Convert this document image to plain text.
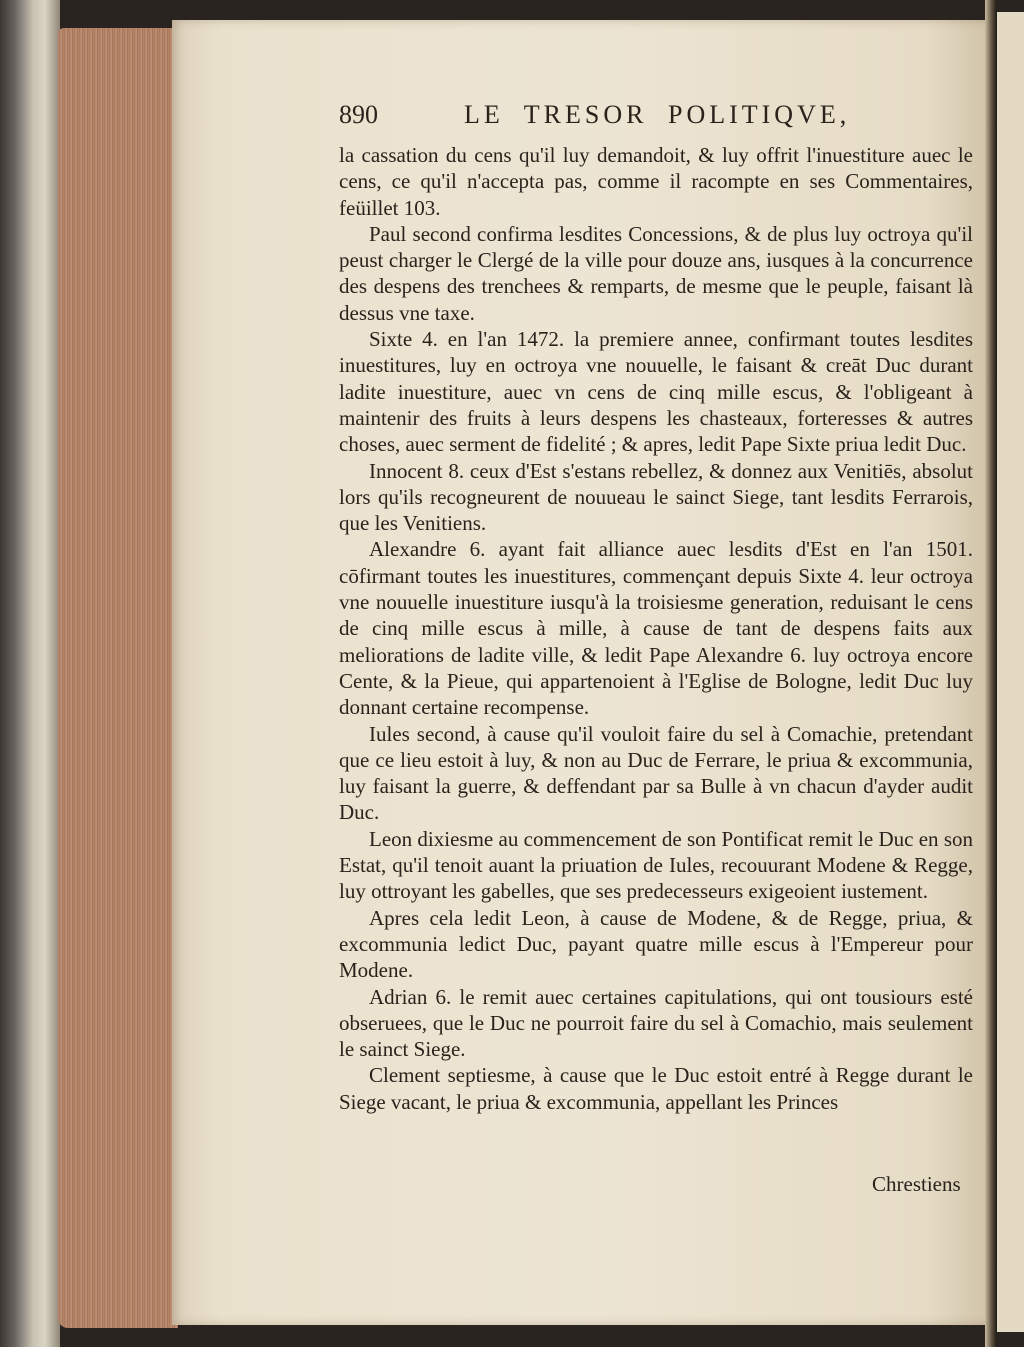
890	LE TRESOR POLITIQVE,

la cassation du cens qu'il luy demandoit, & luy offrit l'inuestiture auec le cens, ce qu'il n'accepta pas, comme il racompte en ses Commentaires, feüillet 103.

Paul second confirma lesdites Concessions, & de plus luy octroya qu'il peust charger le Clergé de la ville pour douze ans, iusques à la concurrence des despens des trenchees & remparts, de mesme que le peuple, faisant là dessus vne taxe.

Sixte 4. en l'an 1472. la premiere annee, confirmant toutes lesdites inuestitures, luy en octroya vne nouuelle, le faisant & creāt Duc durant ladite inuestiture, auec vn cens de cinq mille escus, & l'obligeant à maintenir des fruits à leurs despens les chasteaux, forteresses & autres choses, auec serment de fidelité ; & apres, ledit Pape Sixte priua ledit Duc.

Innocent 8. ceux d'Est s'estans rebellez, & donnez aux Venitiēs, absolut lors qu'ils recogneurent de nouueau le sainct Siege, tant lesdits Ferrarois, que les Venitiens.

Alexandre 6. ayant fait alliance auec lesdits d'Est en l'an 1501. cōfirmant toutes les inuestitures, commençant depuis Sixte 4. leur octroya vne nouuelle inuestiture iusqu'à la troisiesme generation, reduisant le cens de cinq mille escus à mille, à cause de tant de despens faits aux meliorations de ladite ville, & ledit Pape Alexandre 6. luy octroya encore Cente, & la Pieue, qui appartenoient à l'Eglise de Bologne, ledit Duc luy donnant certaine recompense.

Iules second, à cause qu'il vouloit faire du sel à Comachie, pretendant que ce lieu estoit à luy, & non au Duc de Ferrare, le priua & excommunia, luy faisant la guerre, & deffendant par sa Bulle à vn chacun d'ayder audit Duc.

Leon dixiesme au commencement de son Pontificat remit le Duc en son Estat, qu'il tenoit auant la priuation de Iules, recouurant Modene & Regge, luy ottroyant les gabelles, que ses predecesseurs exigeoient iustement.

Apres cela ledit Leon, à cause de Modene, & de Regge, priua, & excommunia ledict Duc, payant quatre mille escus à l'Empereur pour Modene.

Adrian 6. le remit auec certaines capitulations, qui ont tousiours esté obseruees, que le Duc ne pourroit faire du sel à Comachio, mais seulement le sainct Siege.

Clement septiesme, à cause que le Duc estoit entré à Regge durant le Siege vacant, le priua & excommunia, appellant les Princes

Chrestiens
